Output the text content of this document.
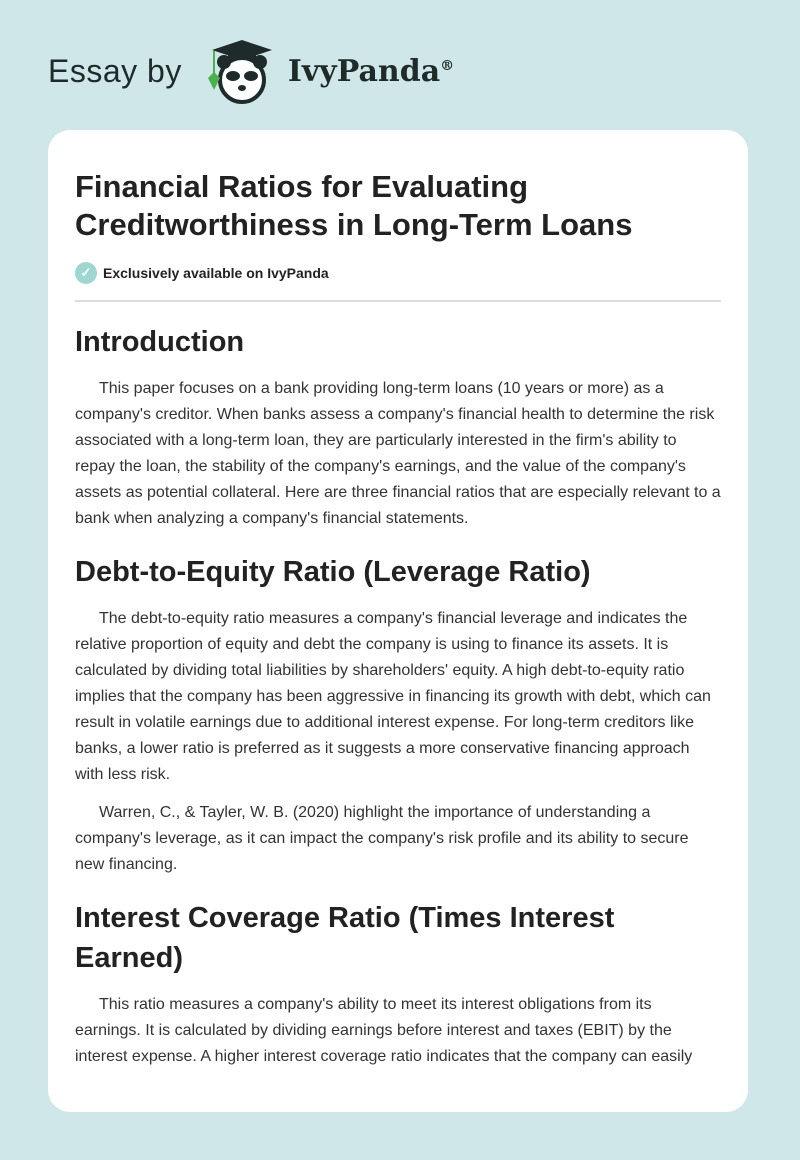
Essay by	IvyPanda®
Financial Ratios for Evaluating Creditworthiness in Long-Term Loans
✓ Exclusively available on IvyPanda
Introduction

This paper focuses on a bank providing long-term loans (10 years or more) as a company's creditor. When banks assess a company's financial health to determine the risk associated with a long-term loan, they are particularly interested in the firm's ability to repay the loan, the stability of the company's earnings, and the value of the company's assets as potential collateral. Here are three financial ratios that are especially relevant to a bank when analyzing a company's financial statements.

Debt-to-Equity Ratio (Leverage Ratio)

The debt-to-equity ratio measures a company's financial leverage and indicates the relative proportion of equity and debt the company is using to finance its assets. It is calculated by dividing total liabilities by shareholders' equity. A high debt-to-equity ratio implies that the company has been aggressive in financing its growth with debt, which can result in volatile earnings due to additional interest expense. For long-term creditors like banks, a lower ratio is preferred as it suggests a more conservative financing approach with less risk.

Warren, C., & Tayler, W. B. (2020) highlight the importance of understanding a company's leverage, as it can impact the company's risk profile and its ability to secure new financing.

Interest Coverage Ratio (Times Interest Earned)

This ratio measures a company's ability to meet its interest obligations from its earnings. It is calculated by dividing earnings before interest and taxes (EBIT) by the interest expense. A higher interest coverage ratio indicates that the company can easily
